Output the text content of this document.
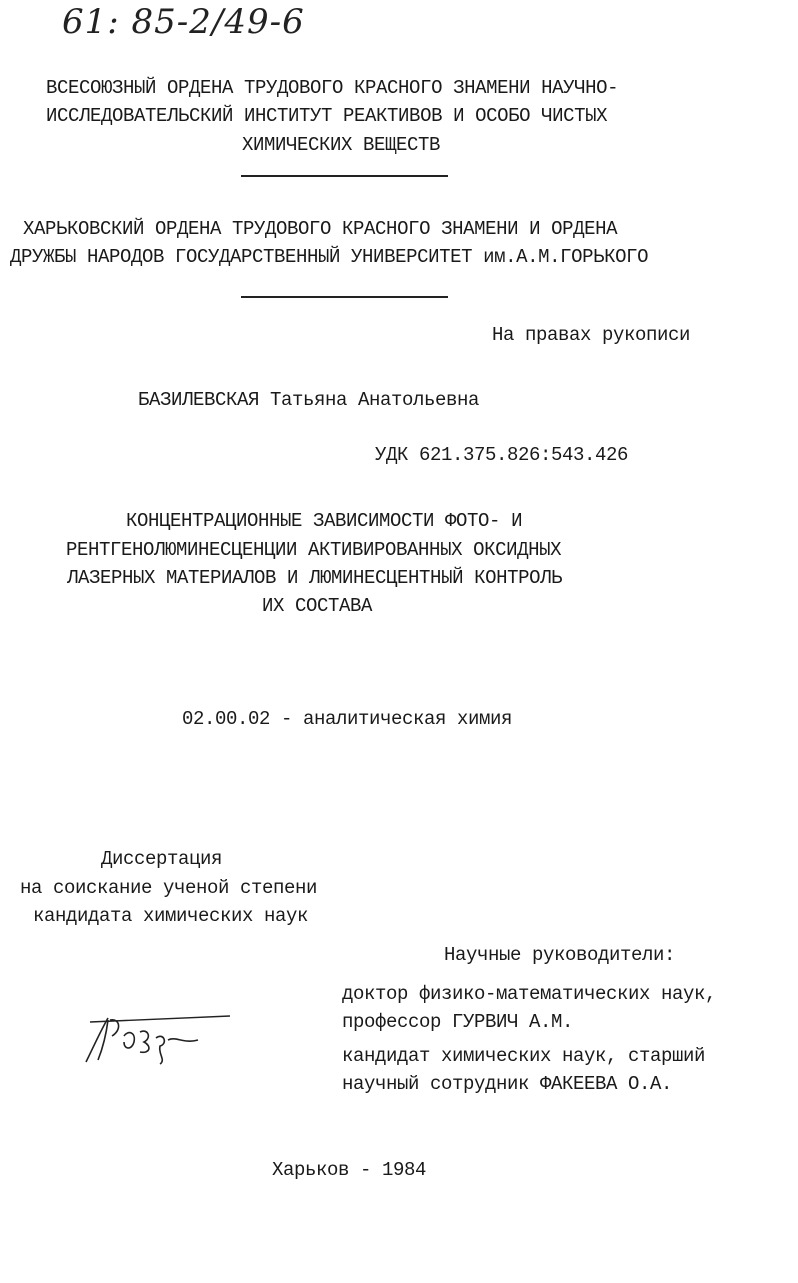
61: 85-2/49-6
ВСЕСОЮЗНЫЙ ОРДЕНА ТРУДОВОГО КРАСНОГО ЗНАМЕНИ НАУЧНО-
ИССЛЕДОВАТЕЛЬСКИЙ ИНСТИТУТ РЕАКТИВОВ И ОСОБО ЧИСТЫХ
ХИМИЧЕСКИХ ВЕЩЕСТВ
ХАРЬКОВСКИЙ ОРДЕНА ТРУДОВОГО КРАСНОГО ЗНАМЕНИ И ОРДЕНА
ДРУЖБЫ НАРОДОВ ГОСУДАРСТВЕННЫЙ УНИВЕРСИТЕТ им.А.М.ГОРЬКОГО
На правах рукописи
БАЗИЛЕВСКАЯ Татьяна Анатольевна
УДК 621.375.826:543.426
КОНЦЕНТРАЦИОННЫЕ ЗАВИСИМОСТИ ФОТО- И
РЕНТГЕНОЛЮМИНЕСЦЕНЦИИ АКТИВИРОВАННЫХ ОКСИДНЫХ
ЛАЗЕРНЫХ МАТЕРИАЛОВ И ЛЮМИНЕСЦЕНТНЫЙ КОНТРОЛЬ
ИХ СОСТАВА
02.00.02 - аналитическая химия
Диссертация
на соискание ученой степени
кандидата химических наук
Научные руководители:
доктор физико-математических наук,
профессор ГУРВИЧ А.М.
кандидат химических наук, старший
научный сотрудник ФАКЕЕВА О.А.
Харьков - 1984
